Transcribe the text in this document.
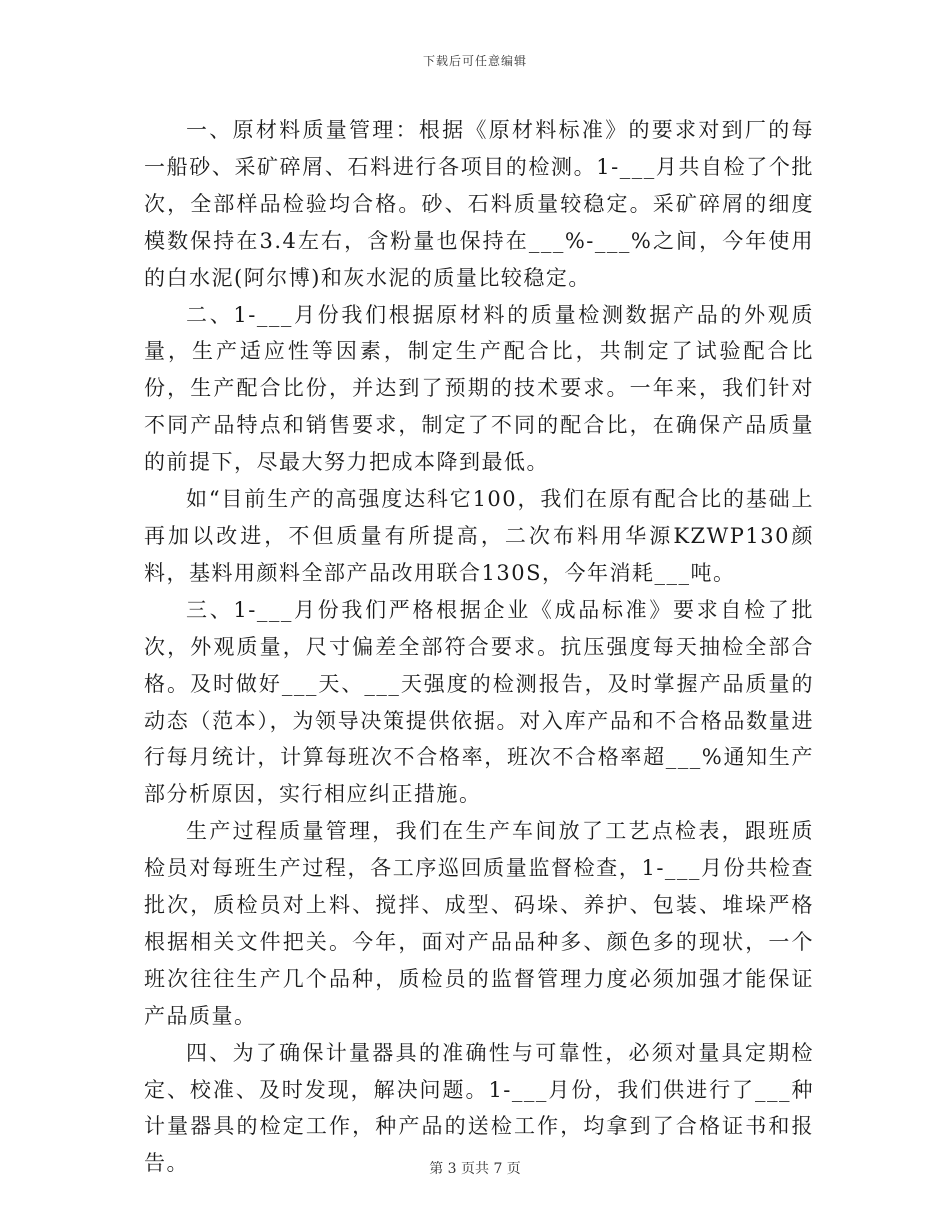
下载后可任意编辑

一、原材料质量管理：根据《原材料标准》的要求对到厂的每一船砂、采矿碎屑、石料进行各项目的检测。1-___月共自检了个批次，全部样品检验均合格。砂、石料质量较稳定。采矿碎屑的细度模数保持在3.4左右，含粉量也保持在___%-___%之间，今年使用的白水泥(阿尔博)和灰水泥的质量比较稳定。

二、1-___月份我们根据原材料的质量检测数据产品的外观质量，生产适应性等因素，制定生产配合比，共制定了试验配合比份，生产配合比份，并达到了预期的技术要求。一年来，我们针对不同产品特点和销售要求，制定了不同的配合比，在确保产品质量的前提下，尽最大努力把成本降到最低。

如“目前生产的高强度达科它100，我们在原有配合比的基础上再加以改进，不但质量有所提高，二次布料用华源KZWP130颜料，基料用颜料全部产品改用联合130S，今年消耗___吨。

三、1-___月份我们严格根据企业《成品标准》要求自检了批次，外观质量，尺寸偏差全部符合要求。抗压强度每天抽检全部合格。及时做好___天、___天强度的检测报告，及时掌握产品质量的动态（范本），为领导决策提供依据。对入库产品和不合格品数量进行每月统计，计算每班次不合格率，班次不合格率超___%通知生产部分析原因，实行相应纠正措施。

生产过程质量管理，我们在生产车间放了工艺点检表，跟班质检员对每班生产过程，各工序巡回质量监督检查，1-___月份共检查批次，质检员对上料、搅拌、成型、码垛、养护、包装、堆垛严格根据相关文件把关。今年，面对产品品种多、颜色多的现状，一个班次往往生产几个品种，质检员的监督管理力度必须加强才能保证产品质量。

四、为了确保计量器具的准确性与可靠性，必须对量具定期检定、校准、及时发现，解决问题。1-___月份，我们供进行了___种计量器具的检定工作，种产品的送检工作，均拿到了合格证书和报告。	第 3 页共 7 页
